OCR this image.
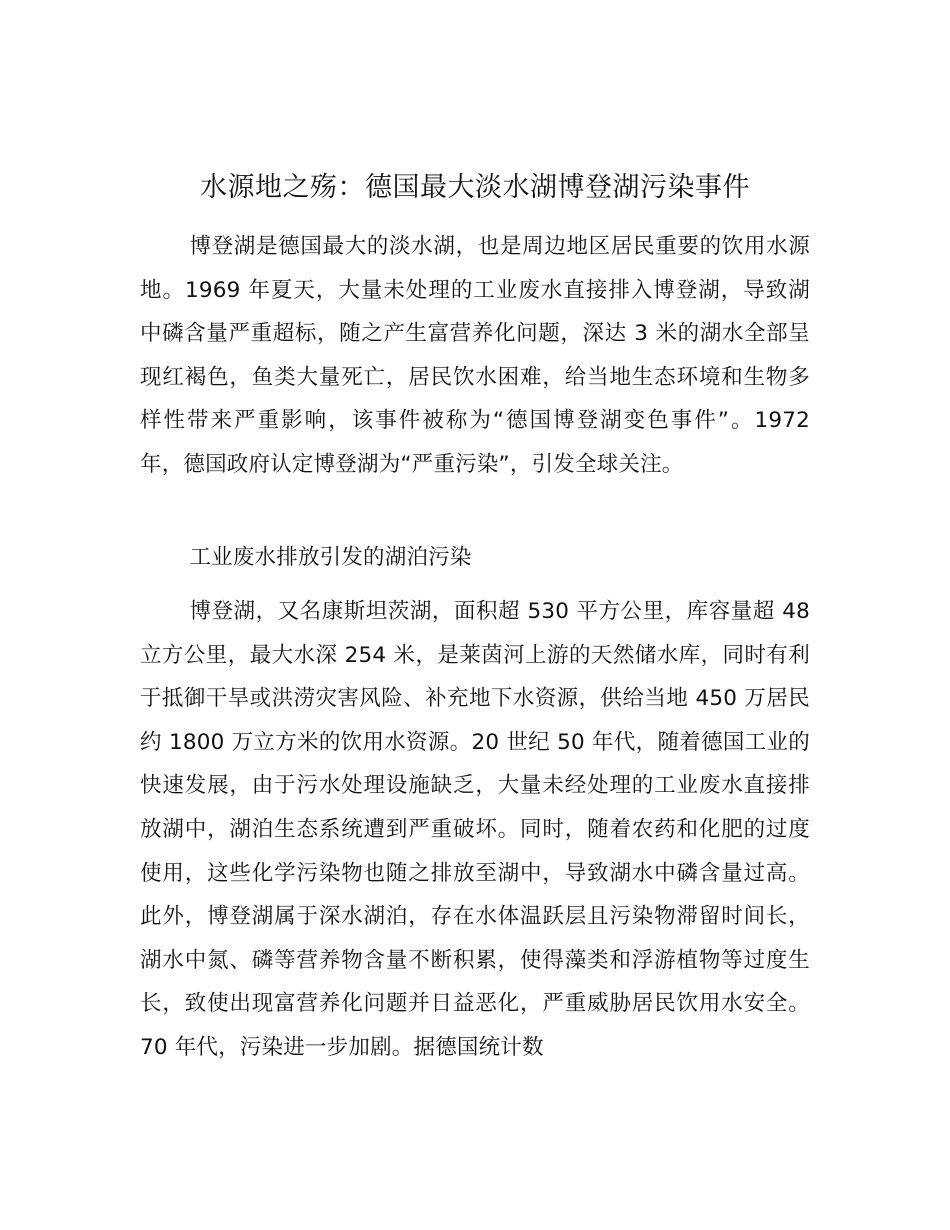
水源地之殇：德国最大淡水湖博登湖污染事件

博登湖是德国最大的淡水湖，也是周边地区居民重要的饮用水源地。1969 年夏天，大量未处理的工业废水直接排入博登湖，导致湖中磷含量严重超标，随之产生富营养化问题，深达 3 米的湖水全部呈现红褐色，鱼类大量死亡，居民饮水困难，给当地生态环境和生物多样性带来严重影响，该事件被称为“德国博登湖变色事件”。1972 年，德国政府认定博登湖为“严重污染”，引发全球关注。

工业废水排放引发的湖泊污染

博登湖，又名康斯坦茨湖，面积超 530 平方公里，库容量超 48 立方公里，最大水深 254 米，是莱茵河上游的天然储水库，同时有利于抵御干旱或洪涝灾害风险、补充地下水资源，供给当地 450 万居民约 1800 万立方米的饮用水资源。20 世纪 50 年代，随着德国工业的快速发展，由于污水处理设施缺乏，大量未经处理的工业废水直接排放湖中，湖泊生态系统遭到严重破坏。同时，随着农药和化肥的过度使用，这些化学污染物也随之排放至湖中，导致湖水中磷含量过高。此外，博登湖属于深水湖泊，存在水体温跃层且污染物滞留时间长，湖水中氮、磷等营养物含量不断积累，使得藻类和浮游植物等过度生长，致使出现富营养化问题并日益恶化，严重威胁居民饮用水安全。70 年代，污染进一步加剧。据德国统计数
